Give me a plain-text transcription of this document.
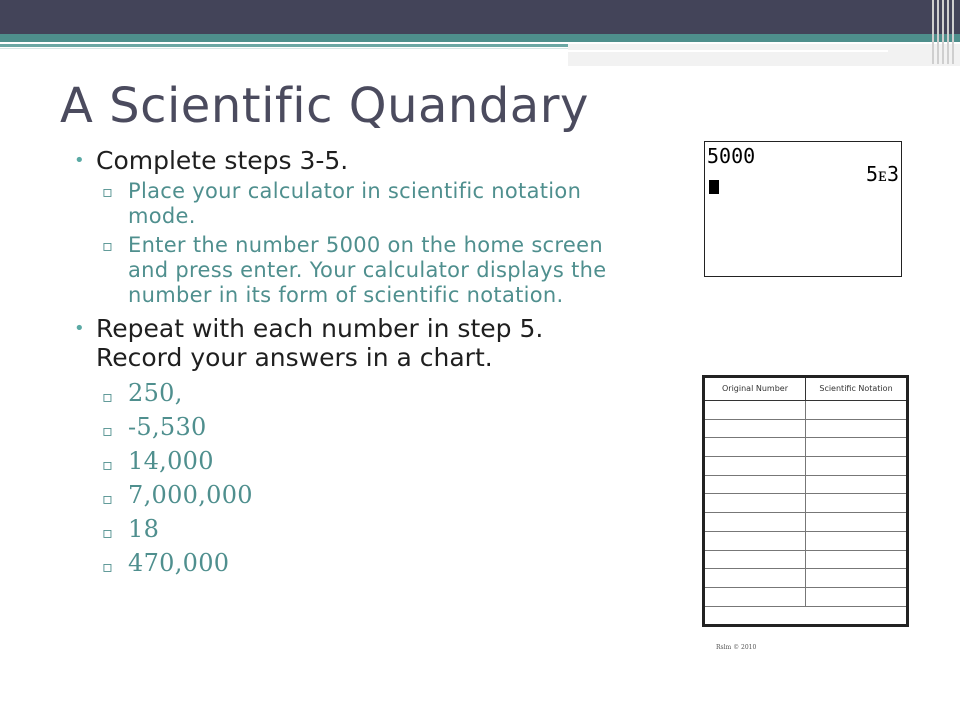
A Scientific Quandary
• Complete steps 3-5.
▫ Place your calculator in scientific notation mode.
▫ Enter the number 5000 on the home screen and press enter. Your calculator displays the number in its form of scientific notation.
• Repeat with each number in step 5. Record your answers in a chart.
▫ 250,
▫ -5,530
▫ 14,000
▫ 7,000,000
▫ 18
▫ 470,000
5000
5ᴇ3
Original Number	Scientific Notation
Rslm © 2010
